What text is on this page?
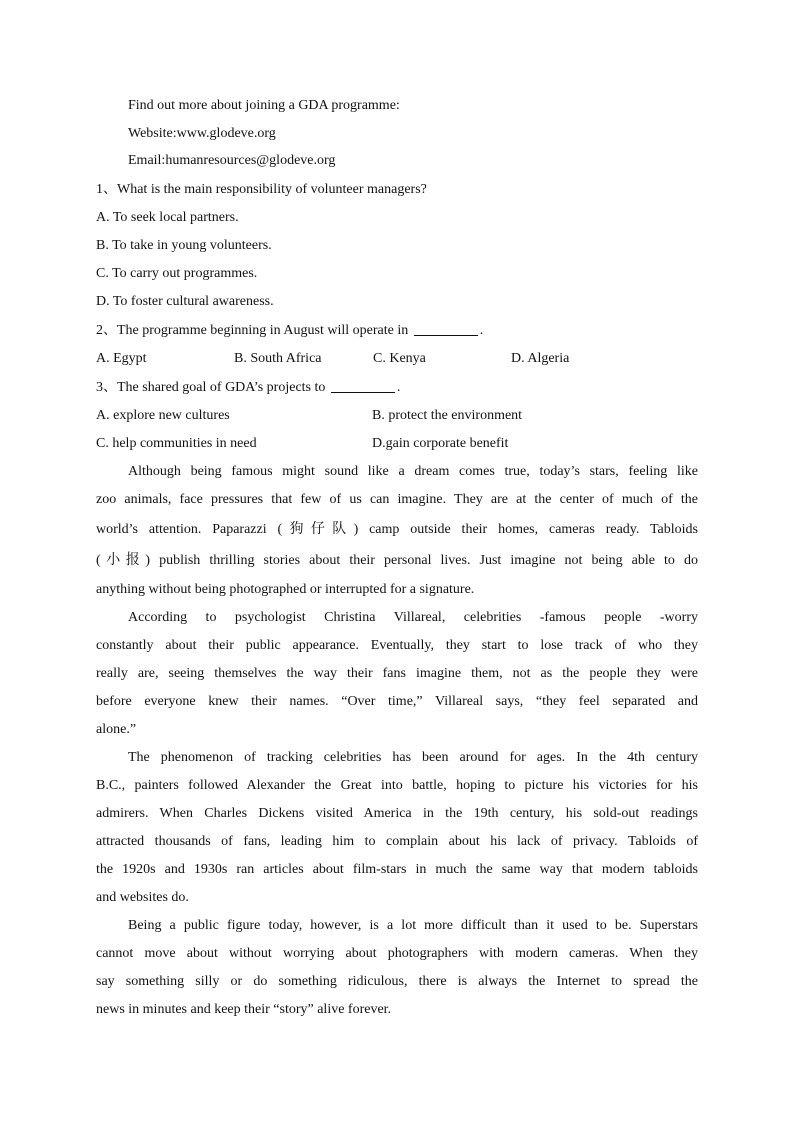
Find out more about joining a GDA programme:
Website:www.glodeve.org
Email:humanresources@glodeve.org
1、What is the main responsibility of volunteer managers?
A. To seek local partners.
B. To take in young volunteers.
C. To carry out programmes.
D. To foster cultural awareness.
2、The programme beginning in August will operate in	.
A. Egypt	B. South Africa	C. Kenya	D. Algeria
3、The shared goal of GDA’s projects to	.
A. explore new cultures	B. protect the environment
C. help communities in need	D.gain corporate benefit
Although being famous might sound like a dream comes true, today’s stars, feeling like
zoo animals, face pressures that few of us can imagine. They are at the center of much of the
world’s attention. Paparazzi (狗仔队) camp outside their homes, cameras ready. Tabloids
(小报) publish thrilling stories about their personal lives. Just imagine not being able to do
anything without being photographed or interrupted for a signature.
According to psychologist Christina Villareal, celebrities -famous people -worry
constantly about their public appearance. Eventually, they start to lose track of who they
really are, seeing themselves the way their fans imagine them, not as the people they were
before everyone knew their names. “Over time,” Villareal says, “they feel separated and
alone.”
The phenomenon of tracking celebrities has been around for ages. In the 4th century
B.C., painters followed Alexander the Great into battle, hoping to picture his victories for his
admirers. When Charles Dickens visited America in the 19th century, his sold-out readings
attracted thousands of fans, leading him to complain about his lack of privacy. Tabloids of
the 1920s and 1930s ran articles about film-stars in much the same way that modern tabloids
and websites do.
Being a public figure today, however, is a lot more difficult than it used to be. Superstars
cannot move about without worrying about photographers with modern cameras. When they
say something silly or do something ridiculous, there is always the Internet to spread the
news in minutes and keep their “story” alive forever.
